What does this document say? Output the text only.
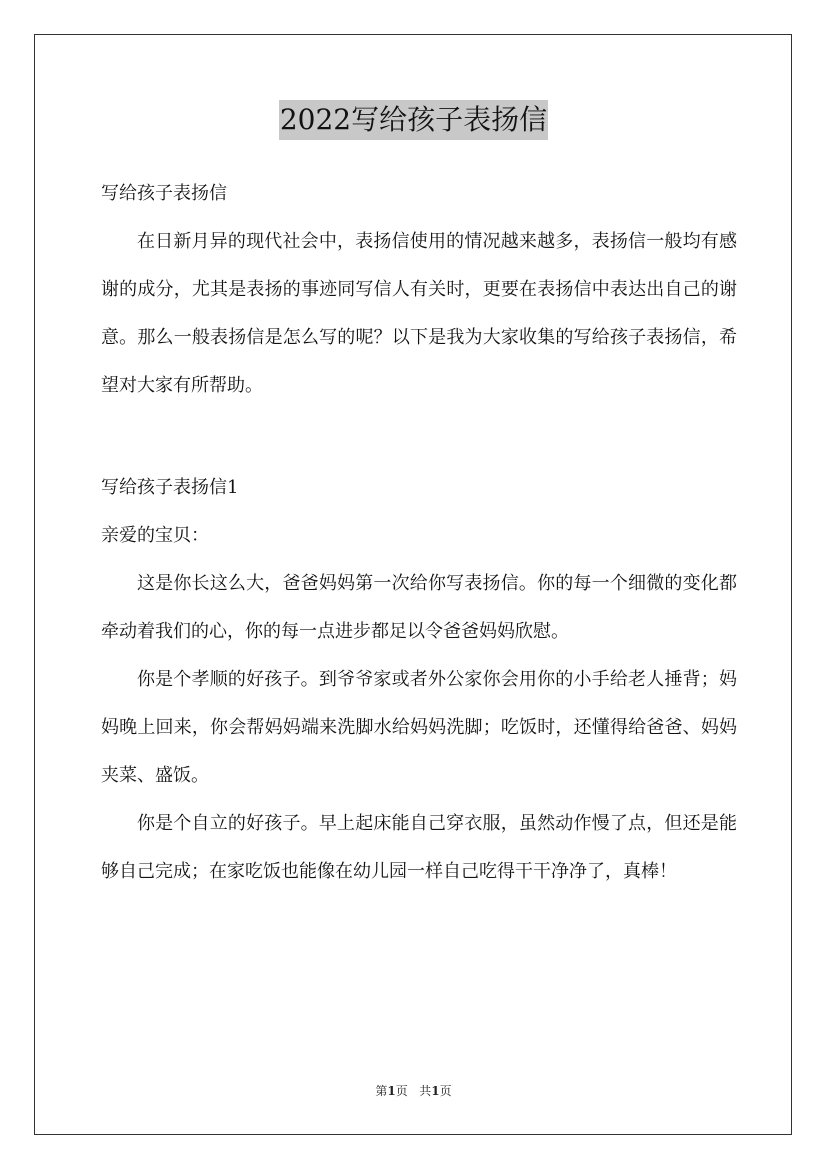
2022写给孩子表扬信
写给孩子表扬信

在日新月异的现代社会中，表扬信使用的情况越来越多，表扬信一般均有感谢的成分，尤其是表扬的事迹同写信人有关时，更要在表扬信中表达出自己的谢意。那么一般表扬信是怎么写的呢？以下是我为大家收集的写给孩子表扬信，希望对大家有所帮助。

写给孩子表扬信1
亲爱的宝贝：

这是你长这么大，爸爸妈妈第一次给你写表扬信。你的每一个细微的变化都牵动着我们的心，你的每一点进步都足以令爸爸妈妈欣慰。

你是个孝顺的好孩子。到爷爷家或者外公家你会用你的小手给老人捶背；妈妈晚上回来，你会帮妈妈端来洗脚水给妈妈洗脚；吃饭时，还懂得给爸爸、妈妈夹菜、盛饭。

你是个自立的好孩子。早上起床能自己穿衣服，虽然动作慢了点，但还是能够自己完成；在家吃饭也能像在幼儿园一样自己吃得干干净净了，真棒！

第1页 共1页
